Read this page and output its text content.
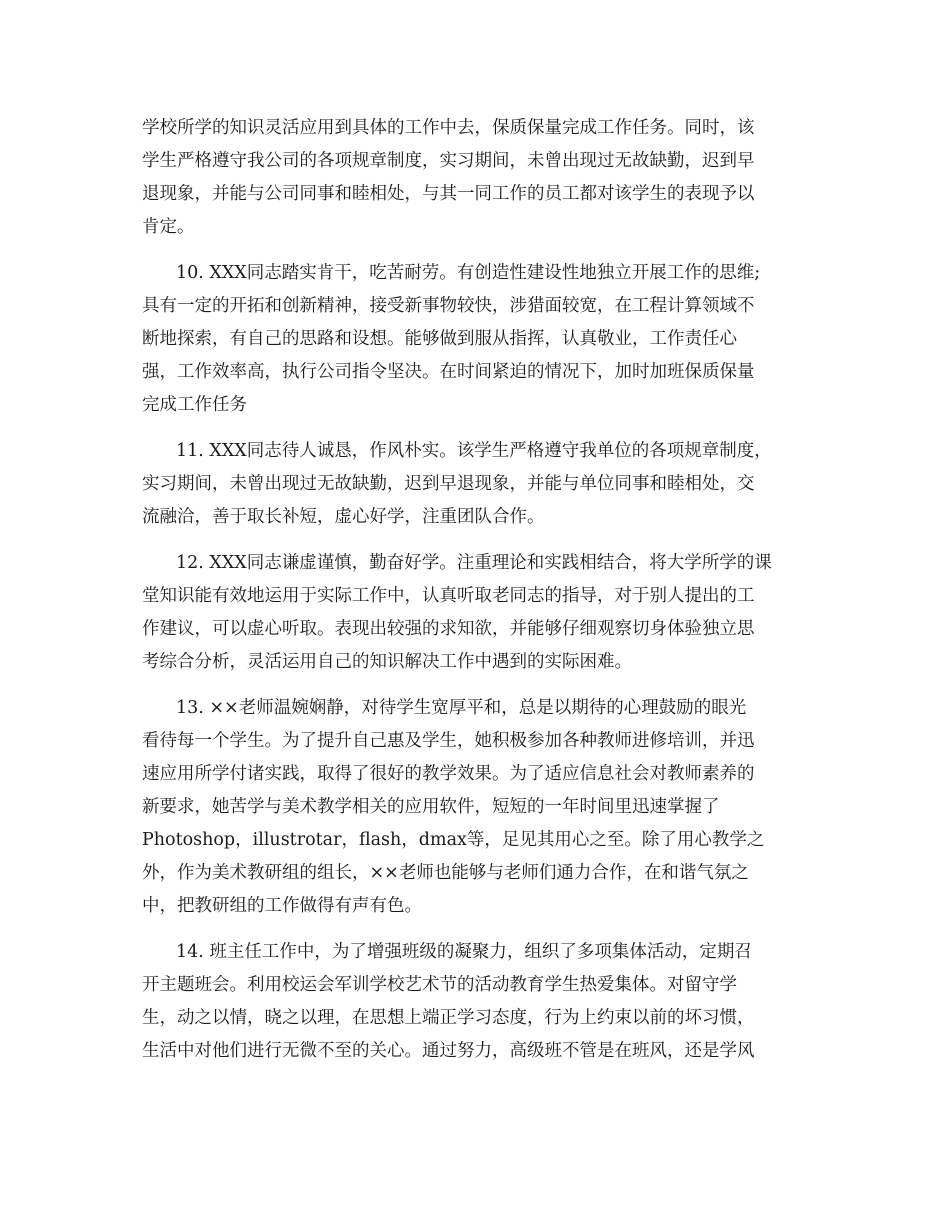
学校所学的知识灵活应用到具体的工作中去，保质保量完成工作任务。同时，该
学生严格遵守我公司的各项规章制度，实习期间，未曾出现过无故缺勤，迟到早
退现象，并能与公司同事和睦相处，与其一同工作的员工都对该学生的表现予以
肯定。
10. XXX同志踏实肯干，吃苦耐劳。有创造性建设性地独立开展工作的思维;
具有一定的开拓和创新精神，接受新事物较快，涉猎面较宽，在工程计算领域不
断地探索，有自己的思路和设想。能够做到服从指挥，认真敬业，工作责任心
强，工作效率高，执行公司指令坚决。在时间紧迫的情况下，加时加班保质保量
完成工作任务
11. XXX同志待人诚恳，作风朴实。该学生严格遵守我单位的各项规章制度，
实习期间，未曾出现过无故缺勤，迟到早退现象，并能与单位同事和睦相处，交
流融洽，善于取长补短，虚心好学，注重团队合作。
12. XXX同志谦虚谨慎，勤奋好学。注重理论和实践相结合，将大学所学的课
堂知识能有效地运用于实际工作中，认真听取老同志的指导，对于别人提出的工
作建议，可以虚心听取。表现出较强的求知欲，并能够仔细观察切身体验独立思
考综合分析，灵活运用自己的知识解决工作中遇到的实际困难。
13. ××老师温婉娴静，对待学生宽厚平和，总是以期待的心理鼓励的眼光
看待每一个学生。为了提升自己惠及学生，她积极参加各种教师进修培训，并迅
速应用所学付诸实践，取得了很好的教学效果。为了适应信息社会对教师素养的
新要求，她苦学与美术教学相关的应用软件，短短的一年时间里迅速掌握了
Photoshop，illustrotar，flash，dmax等，足见其用心之至。除了用心教学之
外，作为美术教研组的组长，××老师也能够与老师们通力合作，在和谐气氛之
中，把教研组的工作做得有声有色。
14. 班主任工作中，为了增强班级的凝聚力，组织了多项集体活动，定期召
开主题班会。利用校运会军训学校艺术节的活动教育学生热爱集体。对留守学
生，动之以情，晓之以理，在思想上端正学习态度，行为上约束以前的坏习惯，
生活中对他们进行无微不至的关心。通过努力，高级班不管是在班风，还是学风
